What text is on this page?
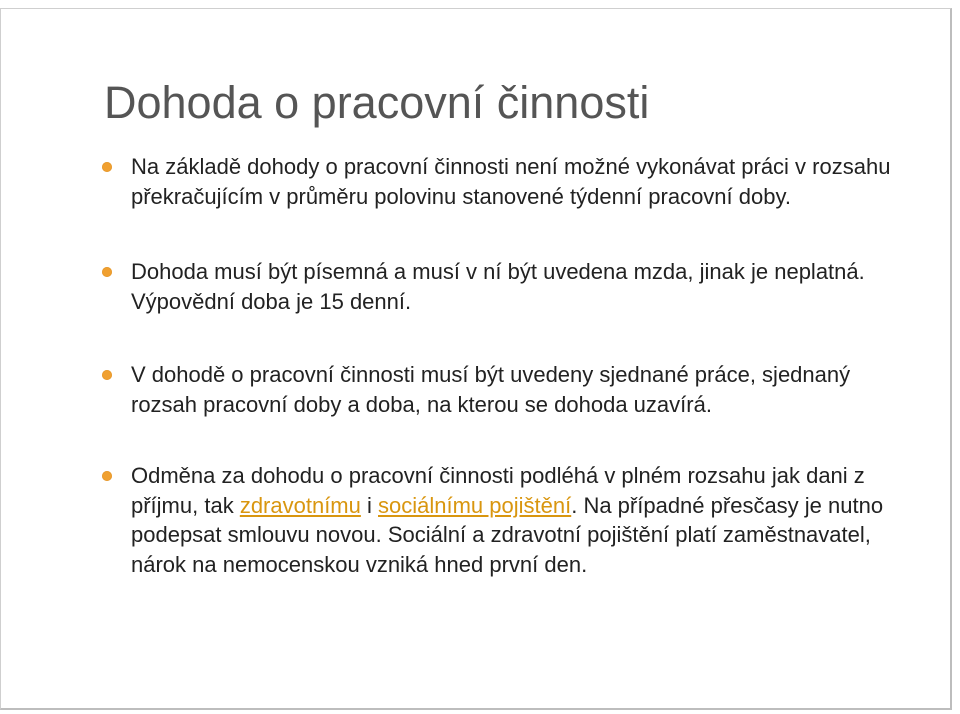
Dohoda o pracovní činnosti
Na základě dohody o pracovní činnosti není možné vykonávat práci v rozsahu překračujícím v průměru polovinu stanovené týdenní pracovní doby.
Dohoda musí být písemná a musí v ní být uvedena mzda, jinak je neplatná. Výpovědní doba je 15 denní.
V dohodě o pracovní činnosti musí být uvedeny sjednané práce, sjednaný rozsah pracovní doby a doba, na kterou se dohoda uzavírá.
Odměna za dohodu o pracovní činnosti podléhá v plném rozsahu jak dani z příjmu, tak zdravotnímu i sociálnímu pojištění. Na případné přesčasy je nutno podepsat smlouvu novou. Sociální a zdravotní pojištění platí zaměstnavatel, nárok na nemocenskou vzniká hned první den.
